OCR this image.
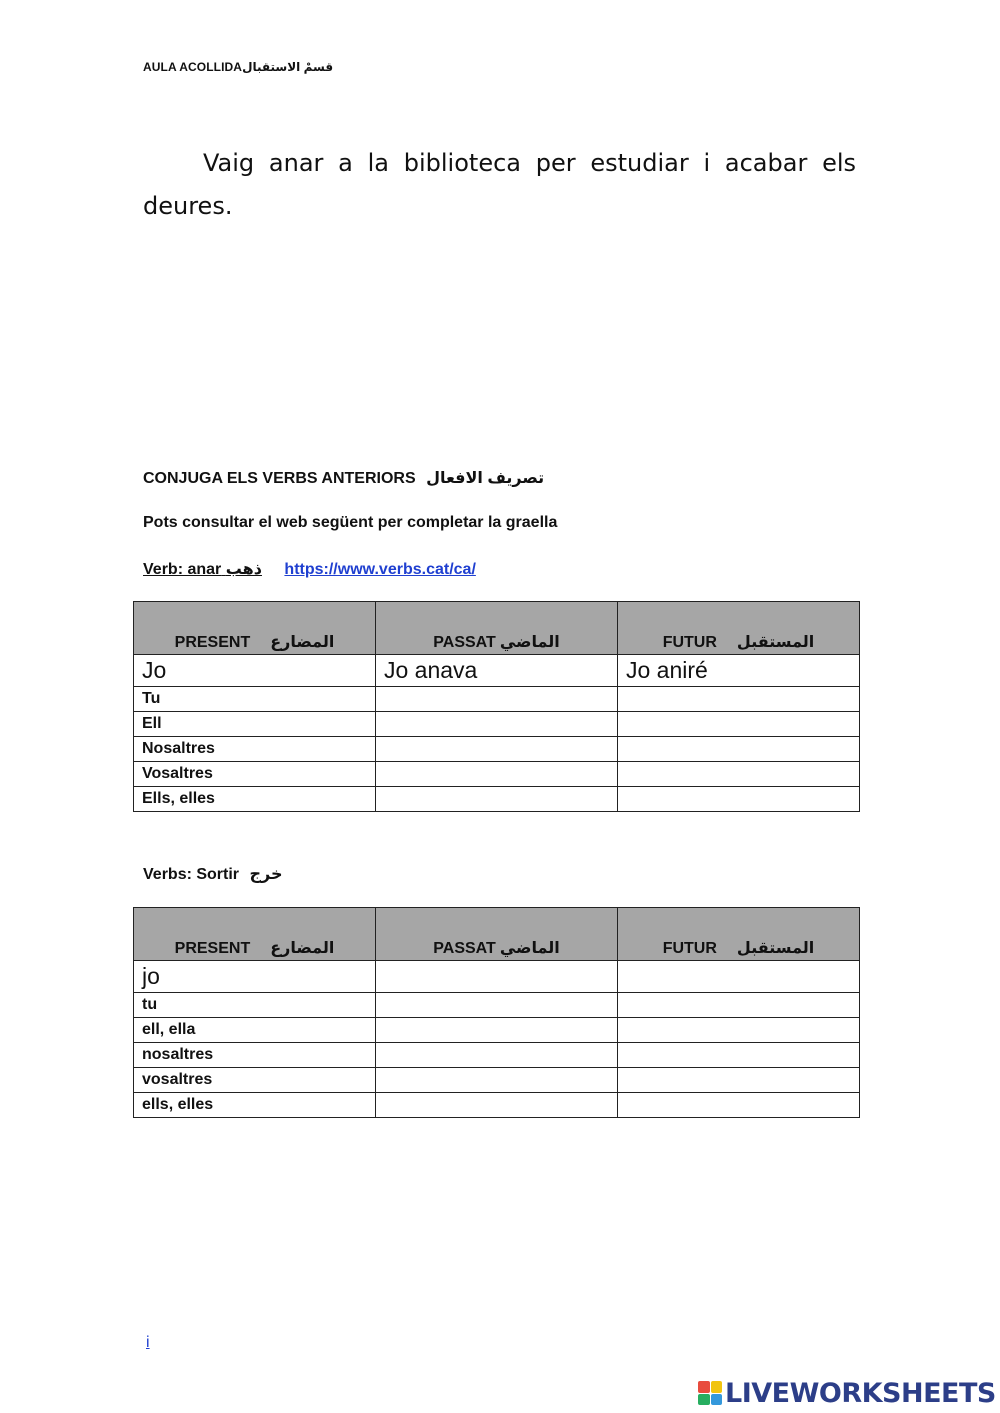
AULA ACOLLIDAقسمْ الاستقبال

Vaig anar a la biblioteca per estudiar i acabar els deures.

CONJUGA ELS VERBS ANTERIORS تصريف الافعال
Pots consultar el web següent per completar la graella
Verb: anar ذهب https://www.verbs.cat/ca/
PRESENT المضارع	PASSAT الماضي	FUTUR المستقبل
Jo	Jo anava	Jo aniré
Tu		
Ell		
Nosaltres		
Vosaltres		
Ells, elles		
Verbs: Sortir خرج
PRESENT المضارع	PASSAT الماضي	FUTUR المستقبل
jo		
tu		
ell, ella		
nosaltres		
vosaltres		
ells, elles		
i
LIVEWORKSHEETS
